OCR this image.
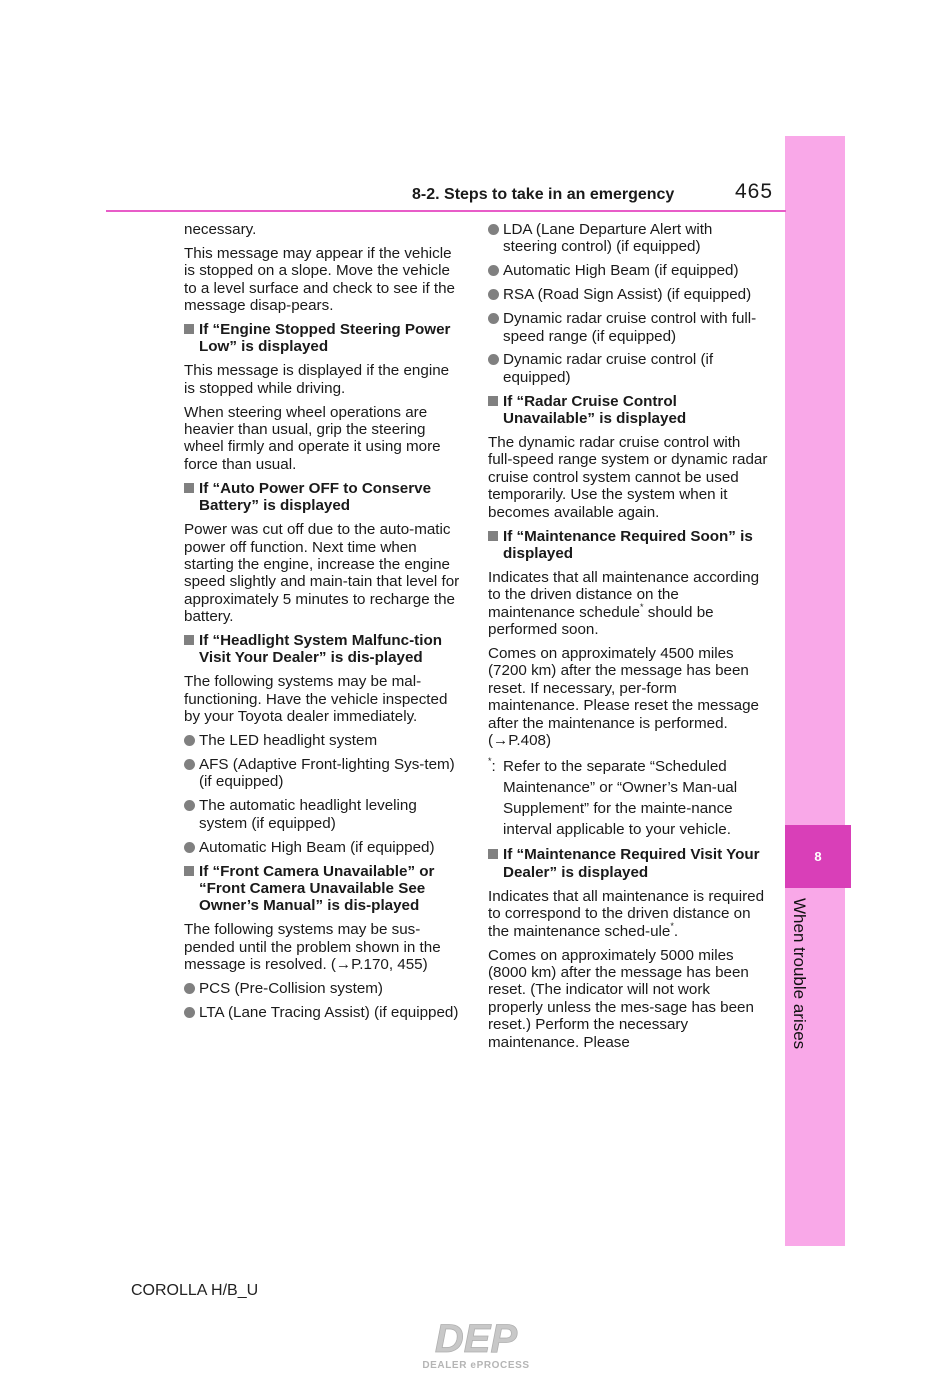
8
When trouble arises
8-2. Steps to take in an emergency	465

necessary.

This message may appear if the vehicle is stopped on a slope. Move the vehicle to a level surface and check to see if the message disap-pears.

If “Engine Stopped Steering Power Low” is displayed

This message is displayed if the engine is stopped while driving.

When steering wheel operations are heavier than usual, grip the steering wheel firmly and operate it using more force than usual.

If “Auto Power OFF to Conserve Battery” is displayed

Power was cut off due to the auto-matic power off function. Next time when starting the engine, increase the engine speed slightly and main-tain that level for approximately 5 minutes to recharge the battery.

If “Headlight System Malfunc-tion Visit Your Dealer” is dis-played

The following systems may be mal-functioning. Have the vehicle inspected by your Toyota dealer immediately.

The LED headlight system

AFS (Adaptive Front-lighting Sys-tem) (if equipped)

The automatic headlight leveling system (if equipped)

Automatic High Beam (if equipped)

If “Front Camera Unavailable” or “Front Camera Unavailable See Owner’s Manual” is dis-played

The following systems may be sus-pended until the problem shown in the message is resolved. (→P.170, 455)

PCS (Pre-Collision system)

LTA (Lane Tracing Assist) (if equipped)

LDA (Lane Departure Alert with steering control) (if equipped)

Automatic High Beam (if equipped)

RSA (Road Sign Assist) (if equipped)

Dynamic radar cruise control with full-speed range (if equipped)

Dynamic radar cruise control (if equipped)

If “Radar Cruise Control Unavailable” is displayed

The dynamic radar cruise control with full-speed range system or dynamic radar cruise control system cannot be used temporarily. Use the system when it becomes available again.

If “Maintenance Required Soon” is displayed

Indicates that all maintenance according to the driven distance on the maintenance schedule* should be performed soon.

Comes on approximately 4500 miles (7200 km) after the message has been reset. If necessary, per-form maintenance. Please reset the message after the maintenance is performed. (→P.408)

*: Refer to the separate “Scheduled Maintenance” or “Owner’s Man-ual Supplement” for the mainte-nance interval applicable to your vehicle.

If “Maintenance Required Visit Your Dealer” is displayed

Indicates that all maintenance is required to correspond to the driven distance on the maintenance sched-ule*.

Comes on approximately 5000 miles (8000 km) after the message has been reset. (The indicator will not work properly unless the mes-sage has been reset.) Perform the necessary maintenance. Please

COROLLA H/B_U
DEP
DEALER ePROCESS
